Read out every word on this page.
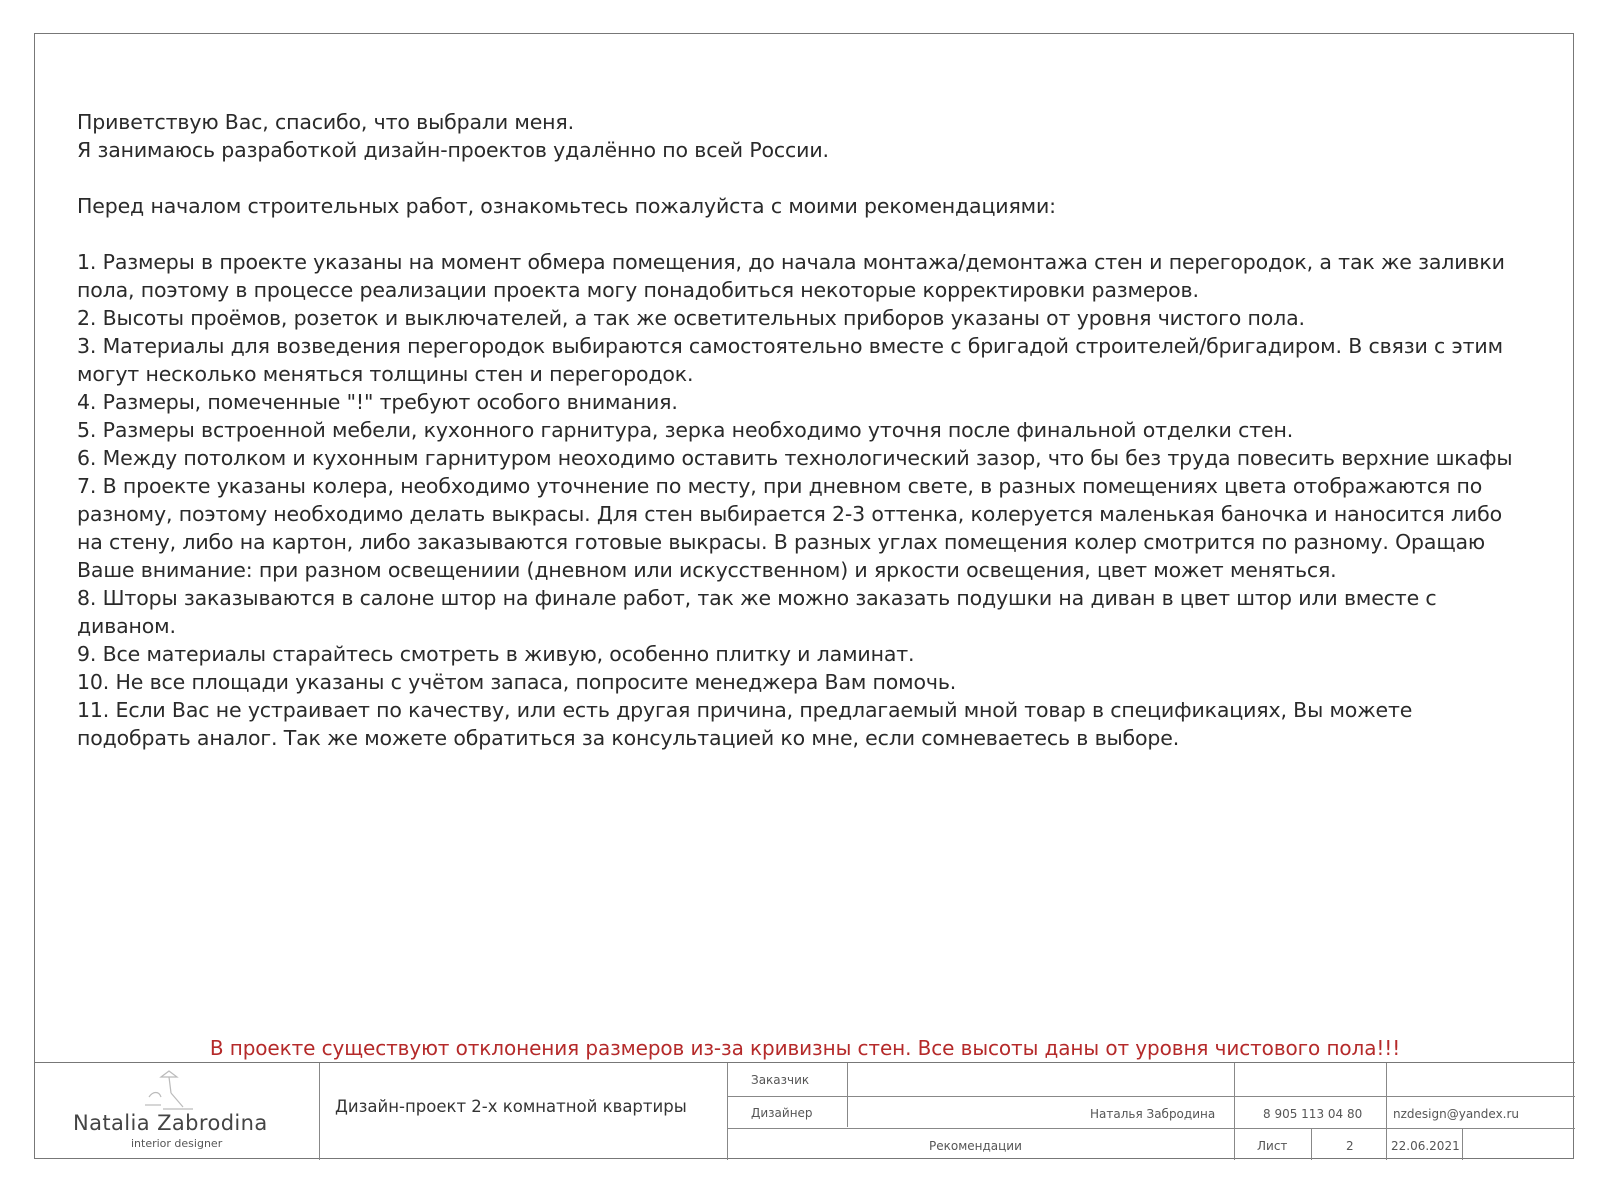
Приветствую Вас, спасибо, что выбрали меня.

Я занимаюсь разработкой дизайн-проектов удалённо по всей России.

Перед началом строительных работ, ознакомьтесь пожалуйста с моими рекомендациями:

1. Размеры в проекте указаны на момент обмера помещения, до начала монтажа/демонтажа стен и перегородок, а так же заливки пола, поэтому в процессе реализации проекта могу понадобиться некоторые корректировки размеров.

2. Высоты проёмов, розеток и выключателей, а так же осветительных приборов указаны от уровня чистого пола.

3. Материалы для возведения перегородок выбираются самостоятельно вместе с бригадой строителей/бригадиром. В связи с этим могут несколько меняться толщины стен и перегородок.

4. Размеры, помеченные "!" требуют особого внимания.

5. Размеры встроенной мебели, кухонного гарнитура, зерка необходимо уточня после финальной отделки стен.

6. Между потолком и кухонным гарнитуром неоходимо оставить технологический зазор, что бы без труда повесить верхние шкафы

7. В проекте указаны колера, необходимо уточнение по месту, при дневном свете, в разных помещениях цвета отображаются по разному, поэтому необходимо делать выкрасы. Для стен выбирается 2-3 оттенка, колеруется маленькая баночка и наносится либо на стену, либо на картон, либо заказываются готовые выкрасы. В разных углах помещения колер смотрится по разному. Оращаю Ваше внимание: при разном освещениии (дневном или искусственном) и яркости освещения, цвет может меняться.

8. Шторы заказываются в салоне штор на финале работ, так же можно заказать подушки на диван в цвет штор или вместе с диваном.

9. Все материалы старайтесь смотреть в живую, особенно плитку и ламинат.

10. Не все площади указаны с учётом запаса, попросите менеджера Вам помочь.

11. Если Вас не устраивает по качеству, или есть другая причина, предлагаемый мной товар в спецификациях, Вы можете подобрать аналог. Так же можете обратиться за консультацией ко мне, если сомневаетесь в выборе.

В проекте существуют отклонения размеров из-за кривизны стен. Все высоты даны от уровня чистового пола!!!
Natalia Zabrodina
interior designer
Дизайн-проект 2-х комнатной квартиры
Заказчик
Дизайнер	Наталья Забродина	8 905 113 04 80	nzdesign@yandex.ru
Рекомендации	Лист	2	22.06.2021
